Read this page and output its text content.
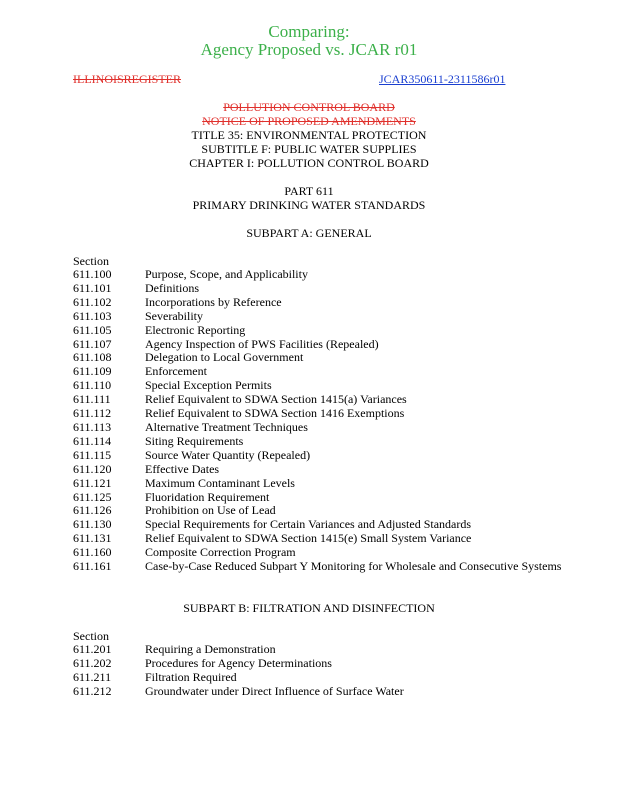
Comparing:
Agency Proposed vs. JCAR r01
ILLINOISREGISTER	JCAR350611-2311586r01
POLLUTION CONTROL BOARD
NOTICE OF PROPOSED AMENDMENTS
TITLE 35: ENVIRONMENTAL PROTECTION
SUBTITLE F: PUBLIC WATER SUPPLIES
CHAPTER I: POLLUTION CONTROL BOARD
PART 611
PRIMARY DRINKING WATER STANDARDS
SUBPART A: GENERAL
Section
611.100	Purpose, Scope, and Applicability
611.101	Definitions
611.102	Incorporations by Reference
611.103	Severability
611.105	Electronic Reporting
611.107	Agency Inspection of PWS Facilities (Repealed)
611.108	Delegation to Local Government
611.109	Enforcement
611.110	Special Exception Permits
611.111	Relief Equivalent to SDWA Section 1415(a) Variances
611.112	Relief Equivalent to SDWA Section 1416 Exemptions
611.113	Alternative Treatment Techniques
611.114	Siting Requirements
611.115	Source Water Quantity (Repealed)
611.120	Effective Dates
611.121	Maximum Contaminant Levels
611.125	Fluoridation Requirement
611.126	Prohibition on Use of Lead
611.130	Special Requirements for Certain Variances and Adjusted Standards
611.131	Relief Equivalent to SDWA Section 1415(e) Small System Variance
611.160	Composite Correction Program
611.161	Case-by-Case Reduced Subpart Y Monitoring for Wholesale and Consecutive Systems
SUBPART B: FILTRATION AND DISINFECTION
Section
611.201	Requiring a Demonstration
611.202	Procedures for Agency Determinations
611.211	Filtration Required
611.212	Groundwater under Direct Influence of Surface Water
